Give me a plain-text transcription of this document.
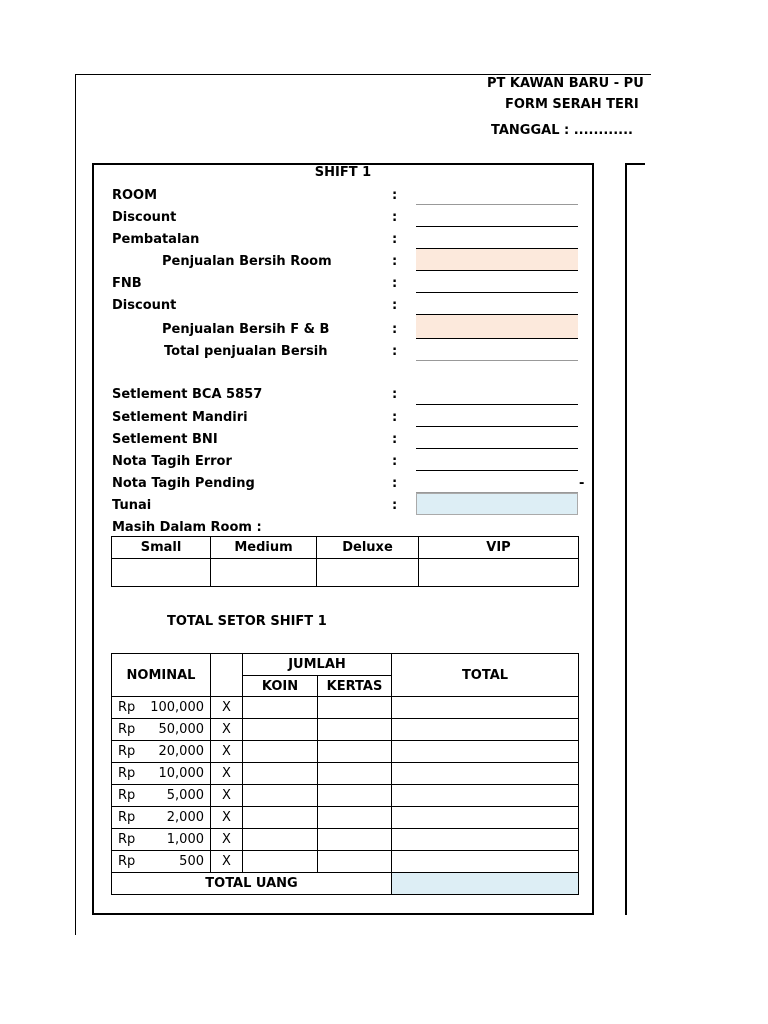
PT KAWAN BARU - PU
FORM SERAH TERI
TANGGAL : ............
SHIFT 1
ROOM	:
Discount	:
Pembatalan	:
Penjualan Bersih Room	:
FNB	:
Discount	:
Penjualan Bersih F & B	:
Total penjualan Bersih	:
Setlement BCA 5857	:
Setlement Mandiri	:
Setlement BNI	:
Nota Tagih Error	:
Nota Tagih Pending	:	-
Tunai	:
Masih Dalam Room :
Small	Medium	Deluxe	VIP

TOTAL SETOR SHIFT 1
NOMINAL		JUMLAH		TOTAL
		KOIN	KERTAS	
Rp 100,000	X			
Rp 50,000	X			
Rp 20,000	X			
Rp 10,000	X			
Rp 5,000	X			
Rp 2,000	X			
Rp 1,000	X			
Rp 500	X			
TOTAL UANG				
